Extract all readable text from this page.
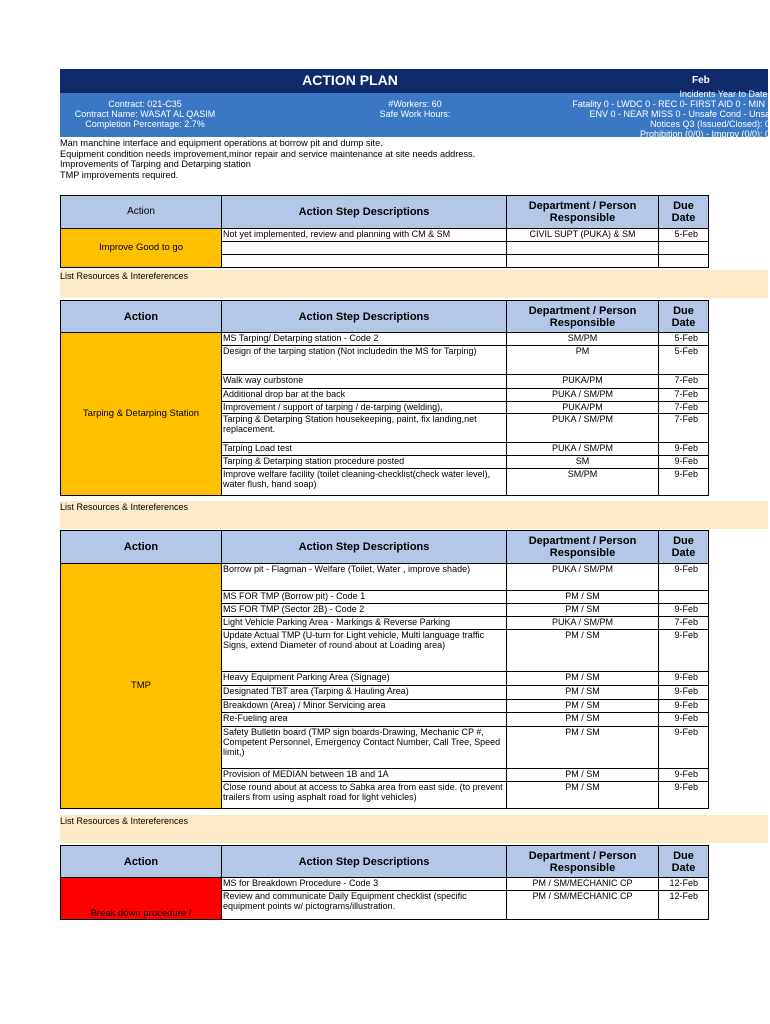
ACTION PLAN	Feb
Contract: 021-C35
Contract Name: WASAT AL QASIM
Completion Percentage: 2.7%
#Workers: 60
Safe Work Hours:
Incidents Year to Date:
Fatality 0 - LWDC 0 - REC 0- FIRST AID 0 - MIN I
ENV 0 - NEAR MISS 0 - Unsafe Cond - Unsa
Notices Q3 (Issued/Closed): 0
Prohibition (0/0) - Improv (0/0): 0
Man manchine interface and equipment operations at borrow pit and dump site.
Equipment condition needs improvement,minor repair and service maintenance at site needs address.
Improvements of Tarping and Detarping station
TMP improvements required.
Action	Action Step Descriptions	Department / Person Responsible	Due Date
Improve Good to go	Not yet implemented, review and planning with CM & SM	CIVIL SUPT (PUKA) & SM	5-Feb

List Resources & Intereferences
Action	Action Step Descriptions	Department / Person Responsible	Due Date
Tarping & Detarping Station	MS Tarping/ Detarping station - Code 2	SM/PM	5-Feb
	Design of the tarping station (Not includedin the MS for Tarping)	PM	5-Feb
	Walk way curbstone	PUKA/PM	7-Feb
	Additional drop bar at the back	PUKA / SM/PM	7-Feb
	Improvement / support of tarping / de-tarping (welding),	PUKA/PM	7-Feb
	Tarping & Detarping Station housekeeping, paint, fix landing,net replacement.	PUKA / SM/PM	7-Feb
	Tarping Load test	PUKA / SM/PM	9-Feb
	Tarping & Detarping station procedure posted	SM	9-Feb
	Improve welfare facility (toilet cleaning-checklist(check water level), water flush, hand soap)	SM/PM	9-Feb
List Resources & Intereferences
Action	Action Step Descriptions	Department / Person Responsible	Due Date
TMP	Borrow pit - Flagman - Welfare (Toilet, Water , improve shade)	PUKA / SM/PM	9-Feb
	MS FOR TMP (Borrow pit) - Code 1	PM / SM	
	MS FOR TMP (Sector 2B) - Code 2	PM / SM	9-Feb
	Light Vehicle Parking Area - Markings & Reverse Parking	PUKA / SM/PM	7-Feb
	Update Actual TMP (U-turn for Light vehicle, Multi language traffic Signs, extend Diameter of round about at Loading area)	PM / SM	9-Feb
	Heavy Equipment Parking Area (Signage)	PM / SM	9-Feb
	Designated TBT area (Tarping & Hauling Area)	PM / SM	9-Feb
	Breakdown (Area) / Minor Servicing area	PM / SM	9-Feb
	Re-Fueling area	PM / SM	9-Feb
	Safety Bulletin board (TMP sign boards-Drawing, Mechanic CP #, Competent Personnel, Emergency Contact Number, Call Tree, Speed limit,)	PM / SM	9-Feb
	Provision of MEDIAN between 1B and 1A	PM / SM	9-Feb
	Close round about at access to Sabka area from east side. (to prevent trailers from using asphalt road for light vehicles)	PM / SM	9-Feb
List Resources & Intereferences
Action	Action Step Descriptions	Department / Person Responsible	Due Date
Break down procedure /	MS for Breakdown Procedure - Code 3	PM / SM/MECHANIC CP	12-Feb
	Review and communicate Daily Equipment checklist (specific equipment points w/ pictograms/illustration.	PM / SM/MECHANIC CP	12-Feb
